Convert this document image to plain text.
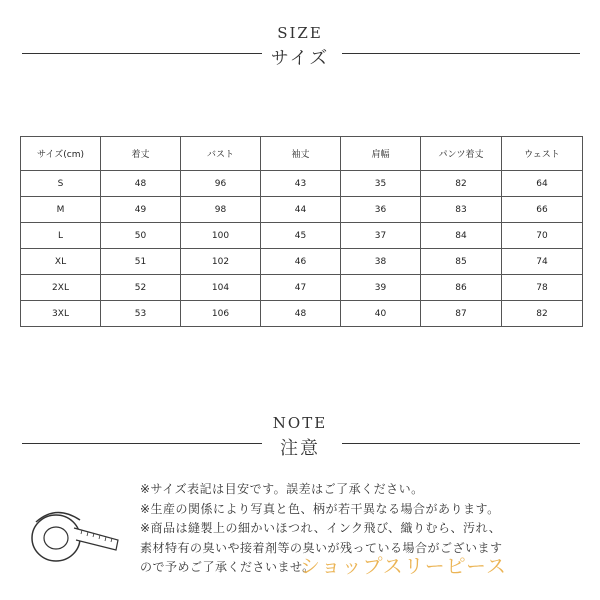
SIZE
サイズ
サイズ(cm)	着丈	バスト	袖丈	肩幅	パンツ着丈	ウェスト
S	48	96	43	35	82	64
M	49	98	44	36	83	66
L	50	100	45	37	84	70
XL	51	102	46	38	85	74
2XL	52	104	47	39	86	78
3XL	53	106	48	40	87	82
NOTE
注意
※サイズ表記は目安です。誤差はご了承ください。
※生産の関係により写真と色、柄が若干異なる場合があります。
※商品は縫製上の細かいほつれ、インク飛び、織りむら、汚れ、
素材特有の臭いや接着剤等の臭いが残っている場合がございます
ので予めご了承くださいませ。
ショップスリーピース
